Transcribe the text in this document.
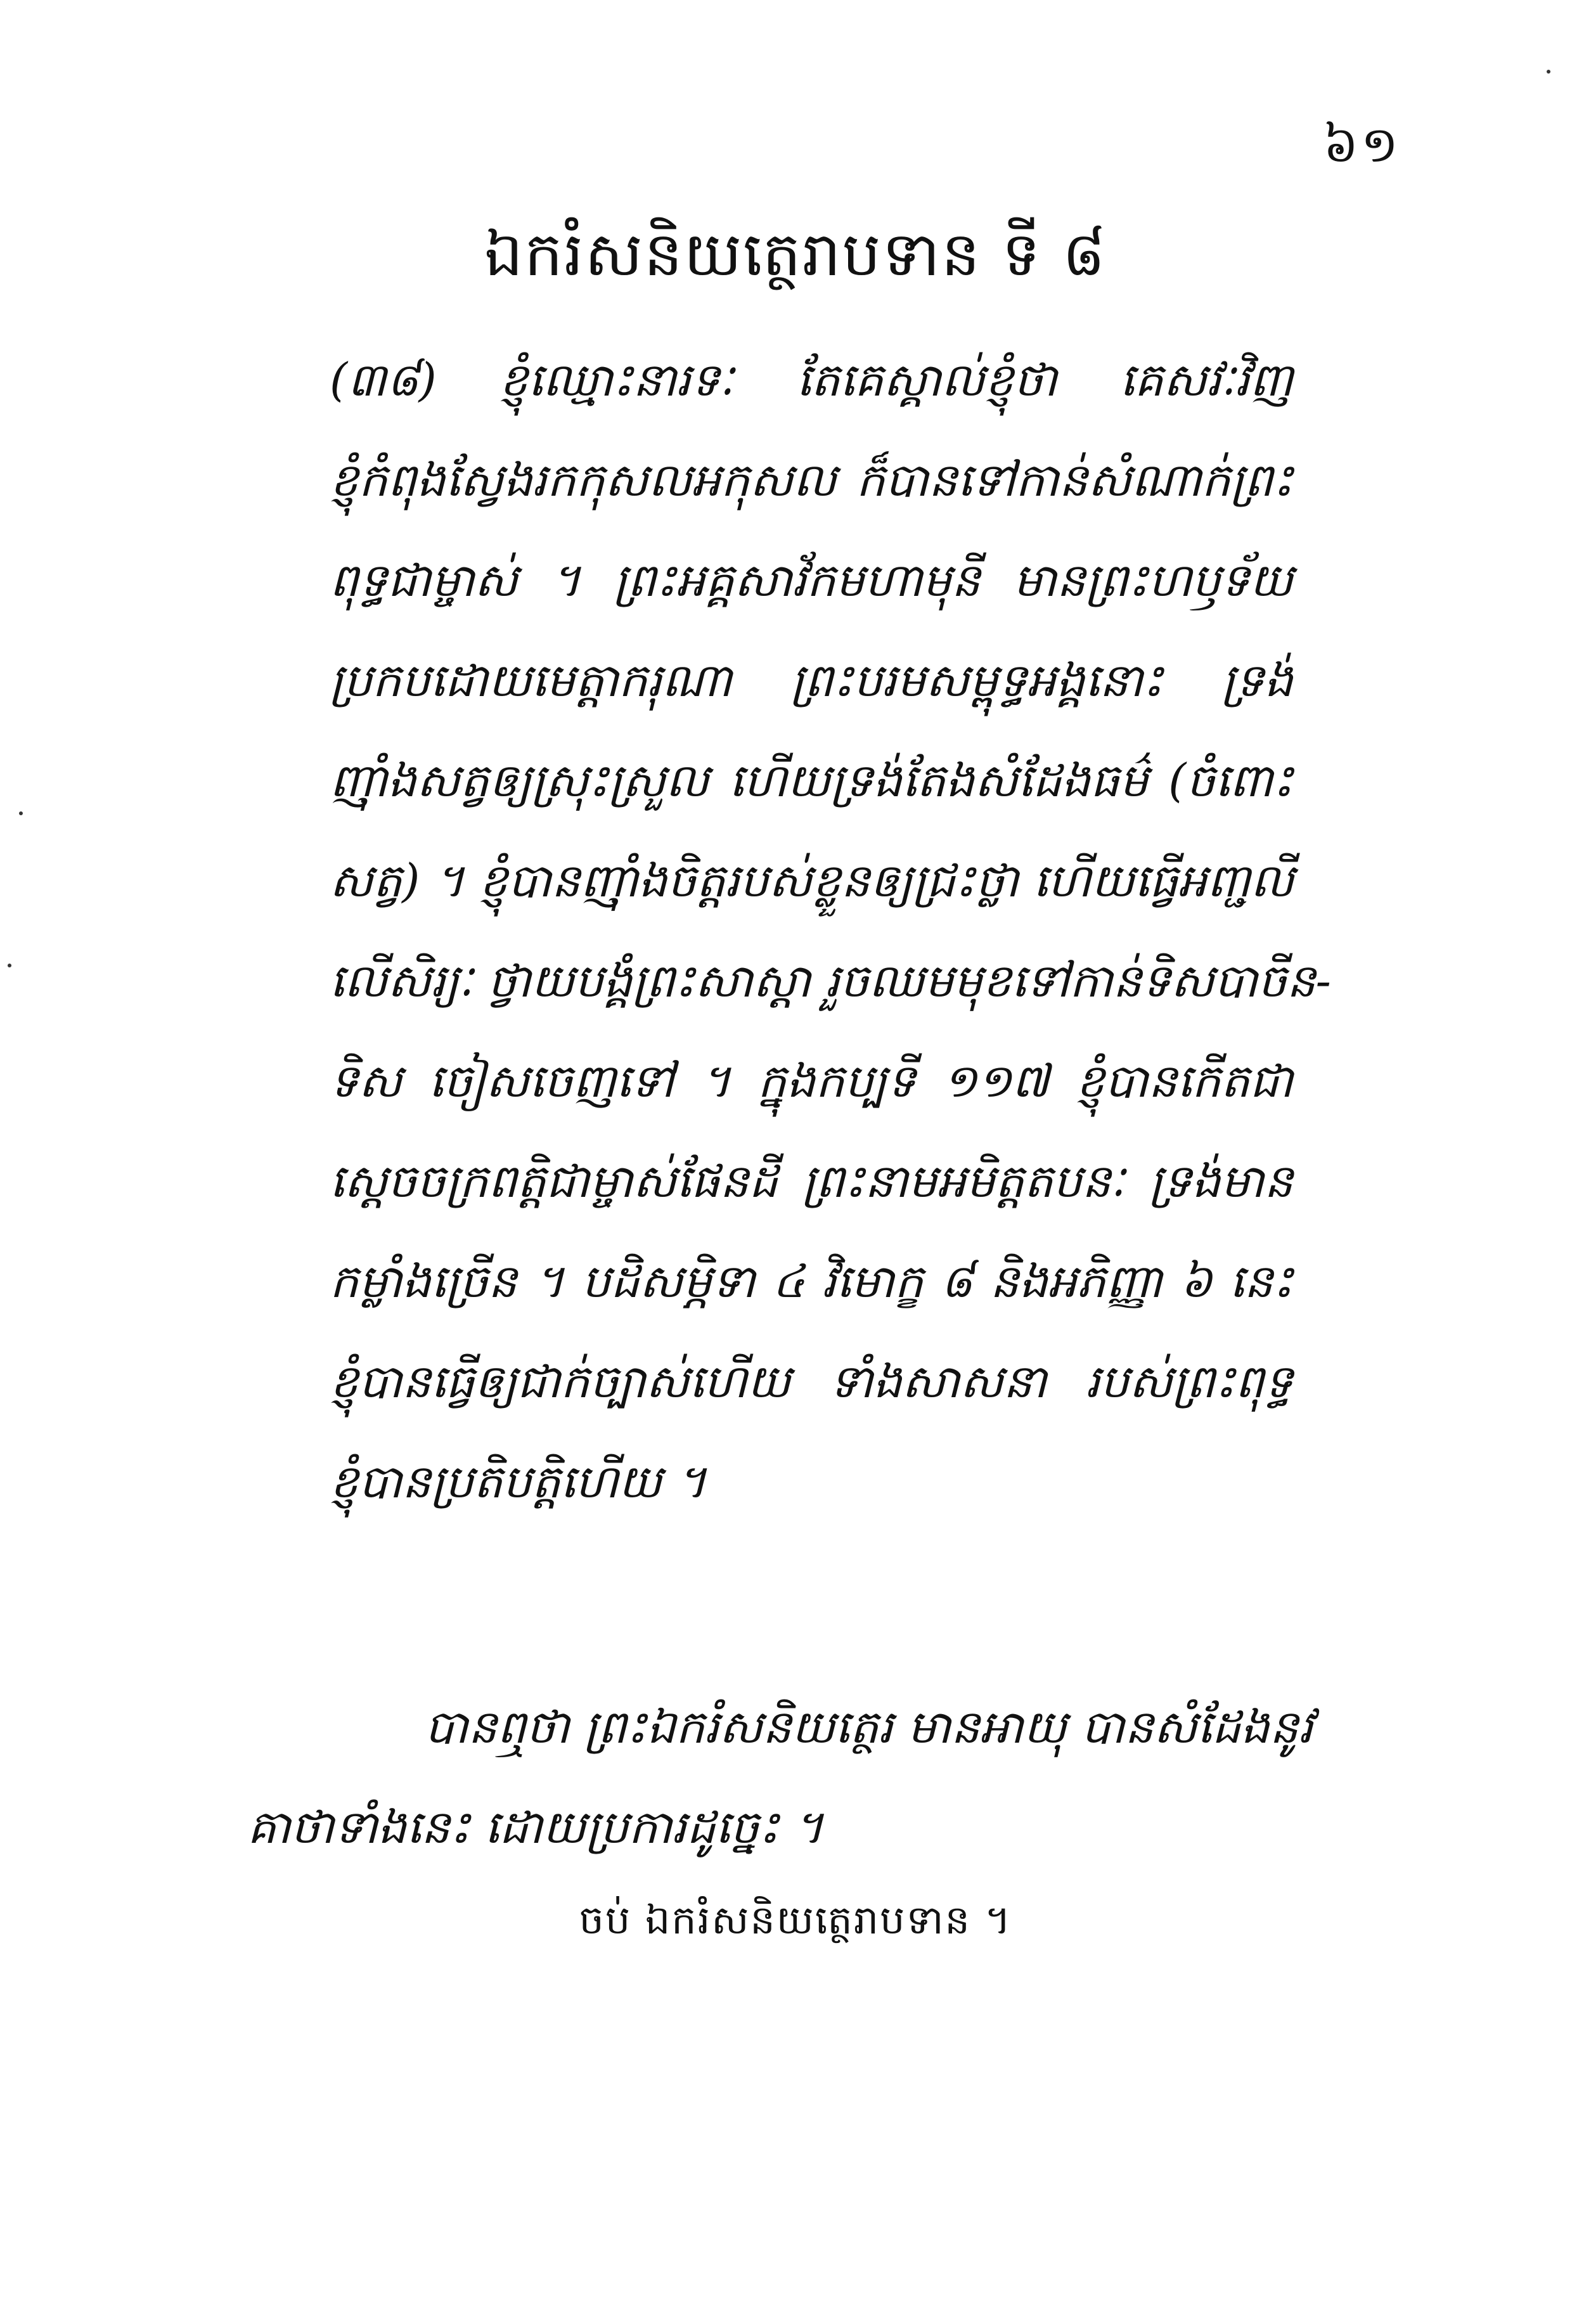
៦១
ឯករំសនិយត្ថេរាបទាន ទី ៨
(៣៨) ខ្ញុំឈ្មោះនារទៈ តែគេស្គាល់ខ្ញុំថា គេសវៈវិញ
ខ្ញុំកំពុងស្វែងរកកុសលអកុសល ក៏បានទៅកាន់សំណាក់ព្រះ
ពុទ្ធជាម្ចាស់ ។ ព្រះអគ្គសាវ័កមហាមុនី មានព្រះហឫទ័យ
ប្រកបដោយមេត្តាករុណា ព្រះបរមសម្ពុទ្ធអង្គនោះ ទ្រង់
ញ៉ាំងសត្វឲ្យស្រុះស្រួល ហើយទ្រង់តែងសំដែងធម៌ (ចំពោះ
សត្វ) ។ ខ្ញុំបានញ៉ាំងចិត្តរបស់ខ្លួនឲ្យជ្រះថ្លា ហើយធ្វើអញ្ជលី
លើសិរ្យៈ ថ្វាយបង្គំព្រះសាស្ដា រួចឈមមុខទៅកាន់ទិសបាចីន-
ទិស ចៀសចេញទៅ ។ ក្នុងកប្បទី ១១៧ ខ្ញុំបានកើតជា
ស្ដេចចក្រពត្តិជាម្ចាស់ផែនដី ព្រះនាមអមិត្តតបនៈ ទ្រង់មាន
កម្លាំងច្រើន ។ បដិសម្ភិទា ៤ វិមោក្ខ ៨ និងអភិញ្ញា ៦ នេះ
ខ្ញុំបានធ្វើឲ្យជាក់ច្បាស់ហើយ ទាំងសាសនា របស់ព្រះពុទ្ធ
ខ្ញុំបានប្រតិបត្តិហើយ ។
បានឮថា ព្រះឯករំសនិយត្ថេរ មានអាយុ បានសំដែងនូវ
គាថាទាំងនេះ ដោយប្រការដូច្នេះ ។
ចប់ ឯករំសនិយត្ថេរាបទាន ។
